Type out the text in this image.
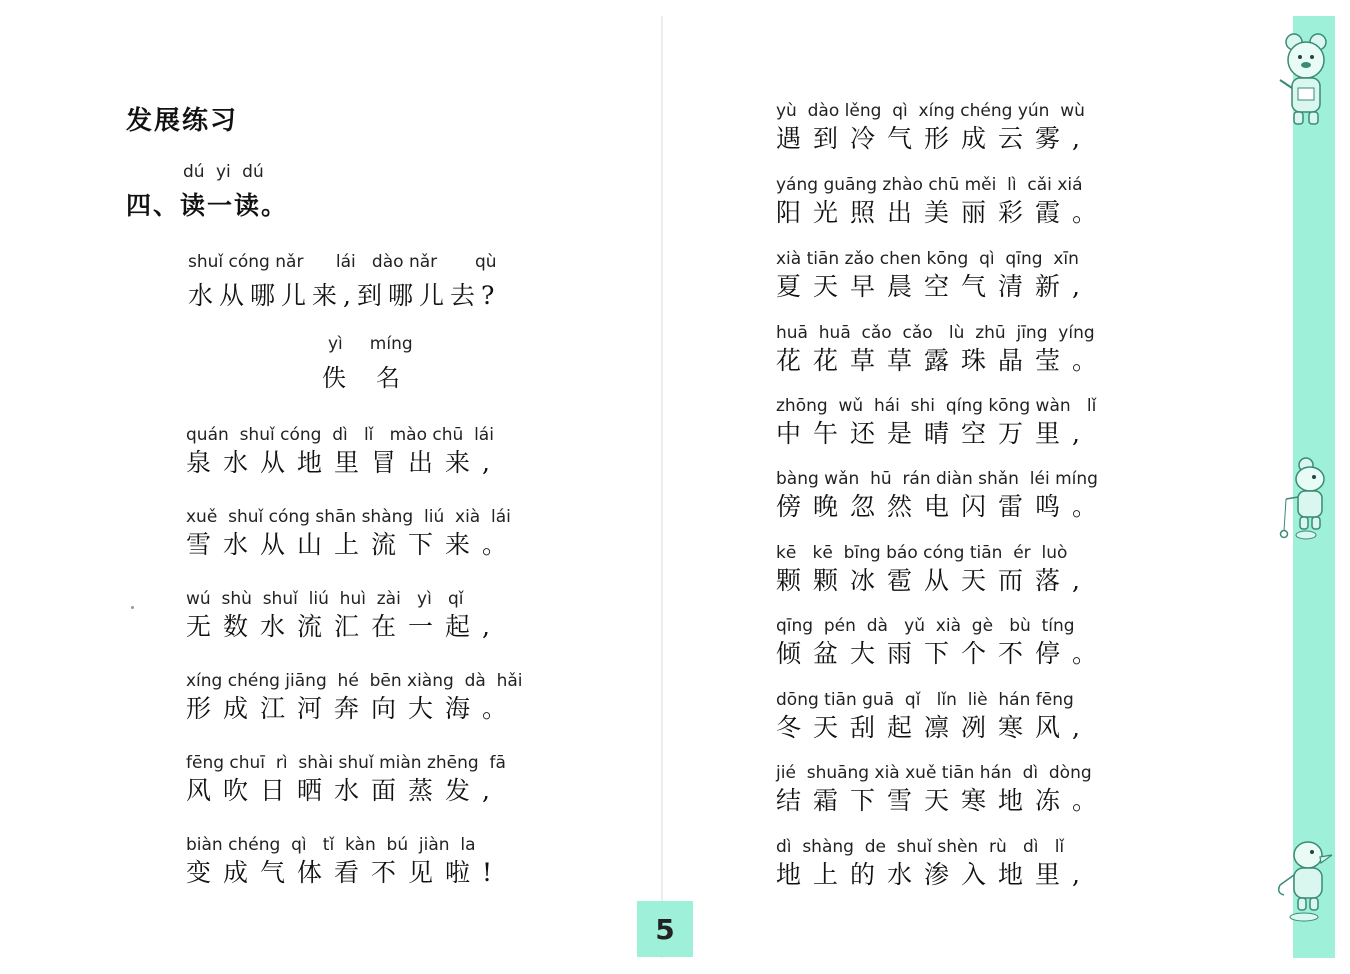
发展练习
dú yi dú
四、读一读。
shuǐ cóng nǎr      lái   dào nǎr       qù
水从哪儿来,到哪儿去?
yì     míng
佚名
quán  shuǐ cóng  dì   lǐ   mào chū  lái
泉水从地里冒出来,
xuě  shuǐ cóng shān shàng  liú  xià  lái
雪水从山上流下来。
wú  shù  shuǐ  liú  huì  zài   yì   qǐ
无数水流汇在一起,
xíng chéng jiāng  hé  bēn xiàng  dà  hǎi
形成江河奔向大海。
fēng chuī  rì  shài shuǐ miàn zhēng  fā
风吹日晒水面蒸发,
biàn chéng  qì   tǐ  kàn  bú  jiàn  la
变成气体看不见啦!
yù  dào lěng  qì  xíng chéng yún  wù
遇到冷气形成云雾,
yáng guāng zhào chū měi  lì  cǎi xiá
阳光照出美丽彩霞。
xià tiān zǎo chen kōng  qì  qīng  xīn
夏天早晨空气清新,
huā  huā  cǎo  cǎo   lù  zhū  jīng  yíng
花花草草露珠晶莹。
zhōng  wǔ  hái  shi  qíng kōng wàn   lǐ
中午还是晴空万里,
bàng wǎn  hū  rán diàn shǎn  léi míng
傍晚忽然电闪雷鸣。
kē   kē  bīng báo cóng tiān  ér  luò
颗颗冰雹从天而落,
qīng  pén  dà   yǔ  xià  gè   bù  tíng
倾盆大雨下个不停。
dōng tiān guā  qǐ   lǐn  liè  hán fēng
冬天刮起凛冽寒风,
jié  shuāng xià xuě tiān hán  dì  dòng
结霜下雪天寒地冻。
dì  shàng  de  shuǐ shèn  rù   dì   lǐ
地上的水渗入地里,
5
